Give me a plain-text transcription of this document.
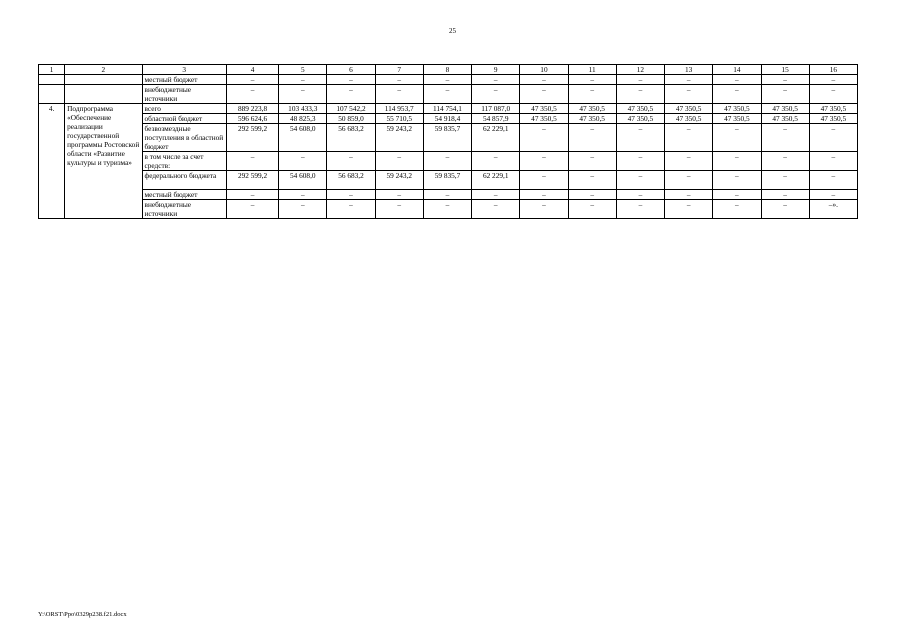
25
1	2	3	4	5	6	7	8	9	10	11	12	13	14	15	16
		местный бюджет	–	–	–	–	–	–	–	–	–	–	–	–	–
		внебюджетные источники	–	–	–	–	–	–	–	–	–	–	–	–	–
4.	Подпрограмма «Обеспечение реализации государственной программы Ростовской области «Развитие культуры и туризма»	всего	889 223,8	103 433,3	107 542,2	114 953,7	114 754,1	117 087,0	47 350,5	47 350,5	47 350,5	47 350,5	47 350,5	47 350,5	47 350,5
		областной бюджет	596 624,6	48 825,3	50 859,0	55 710,5	54 918,4	54 857,9	47 350,5	47 350,5	47 350,5	47 350,5	47 350,5	47 350,5	47 350,5
		безвозмездные поступления в областной бюджет	292 599,2	54 608,0	56 683,2	59 243,2	59 835,7	62 229,1	–	–	–	–	–	–	–
		в том числе за счет средств:	–	–	–	–	–	–	–	–	–	–	–	–	–
		федерального бюджета	292 599,2	54 608,0	56 683,2	59 243,2	59 835,7	62 229,1	–	–	–	–	–	–	–
		местный бюджет	–	–	–	–	–	–	–	–	–	–	–	–	–
		внебюджетные источники	–	–	–	–	–	–	–	–	–	–	–	–	–».
Y:\ORST\Ppo\0329p238.f21.docx
